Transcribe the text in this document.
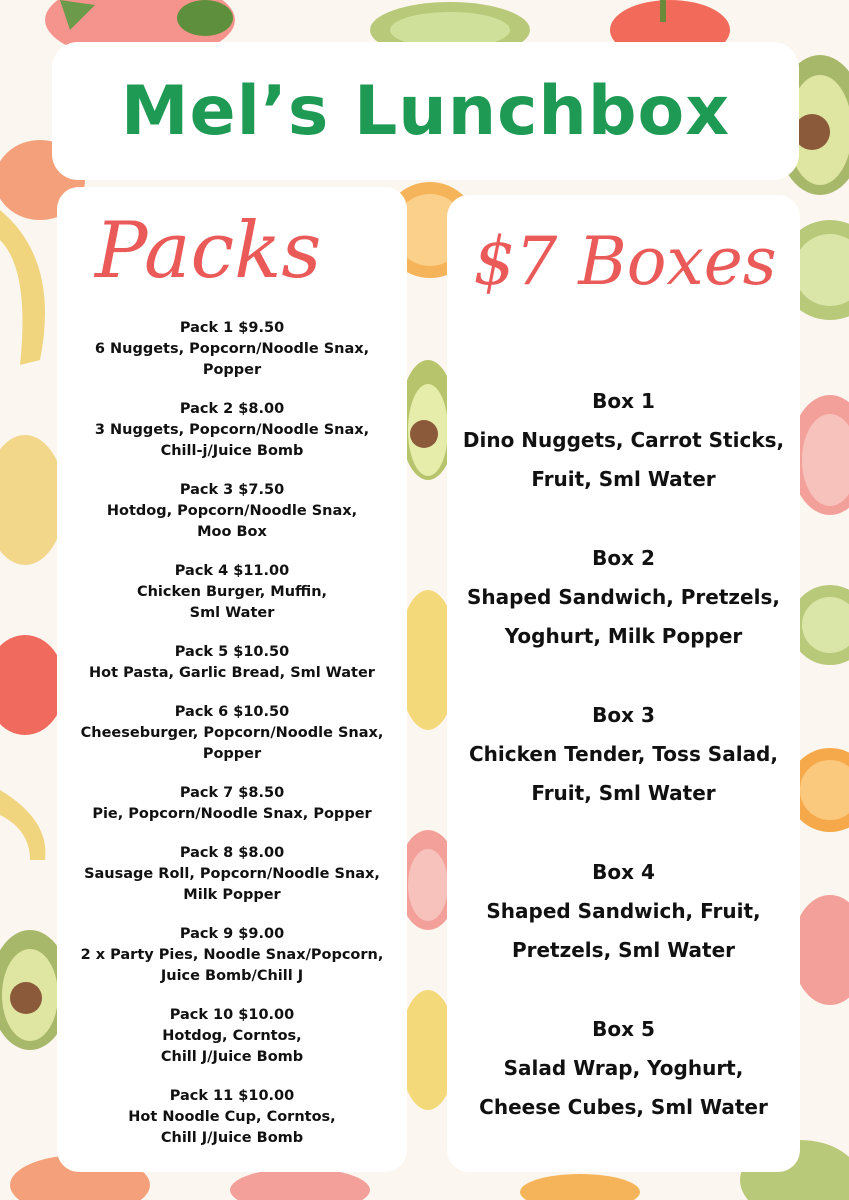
Mel’s Lunchbox
Packs $7 Boxes

Pack 1 $9.50

6 Nuggets, Popcorn/Noodle Snax,

Popper

Pack 2 $8.00

3 Nuggets, Popcorn/Noodle Snax,

Chill-j/Juice Bomb

Pack 3 $7.50

Hotdog, Popcorn/Noodle Snax,

Moo Box

Pack 4 $11.00

Chicken Burger, Muffin,

Sml Water

Pack 5 $10.50

Hot Pasta, Garlic Bread, Sml Water

Pack 6 $10.50

Cheeseburger, Popcorn/Noodle Snax,

Popper

Pack 7 $8.50

Pie, Popcorn/Noodle Snax, Popper

Pack 8 $8.00

Sausage Roll, Popcorn/Noodle Snax,

Milk Popper

Pack 9 $9.00

2 x Party Pies, Noodle Snax/Popcorn,

Juice Bomb/Chill J

Pack 10 $10.00

Hotdog, Corntos,

Chill J/Juice Bomb

Pack 11 $10.00

Hot Noodle Cup, Corntos,

Chill J/Juice Bomb

Box 1
Dino Nuggets, Carrot Sticks,
Fruit, Sml Water
Box 2
Shaped Sandwich, Pretzels,
Yoghurt, Milk Popper
Box 3
Chicken Tender, Toss Salad,
Fruit, Sml Water
Box 4
Shaped Sandwich, Fruit,
Pretzels, Sml Water
Box 5
Salad Wrap, Yoghurt,
Cheese Cubes, Sml Water
